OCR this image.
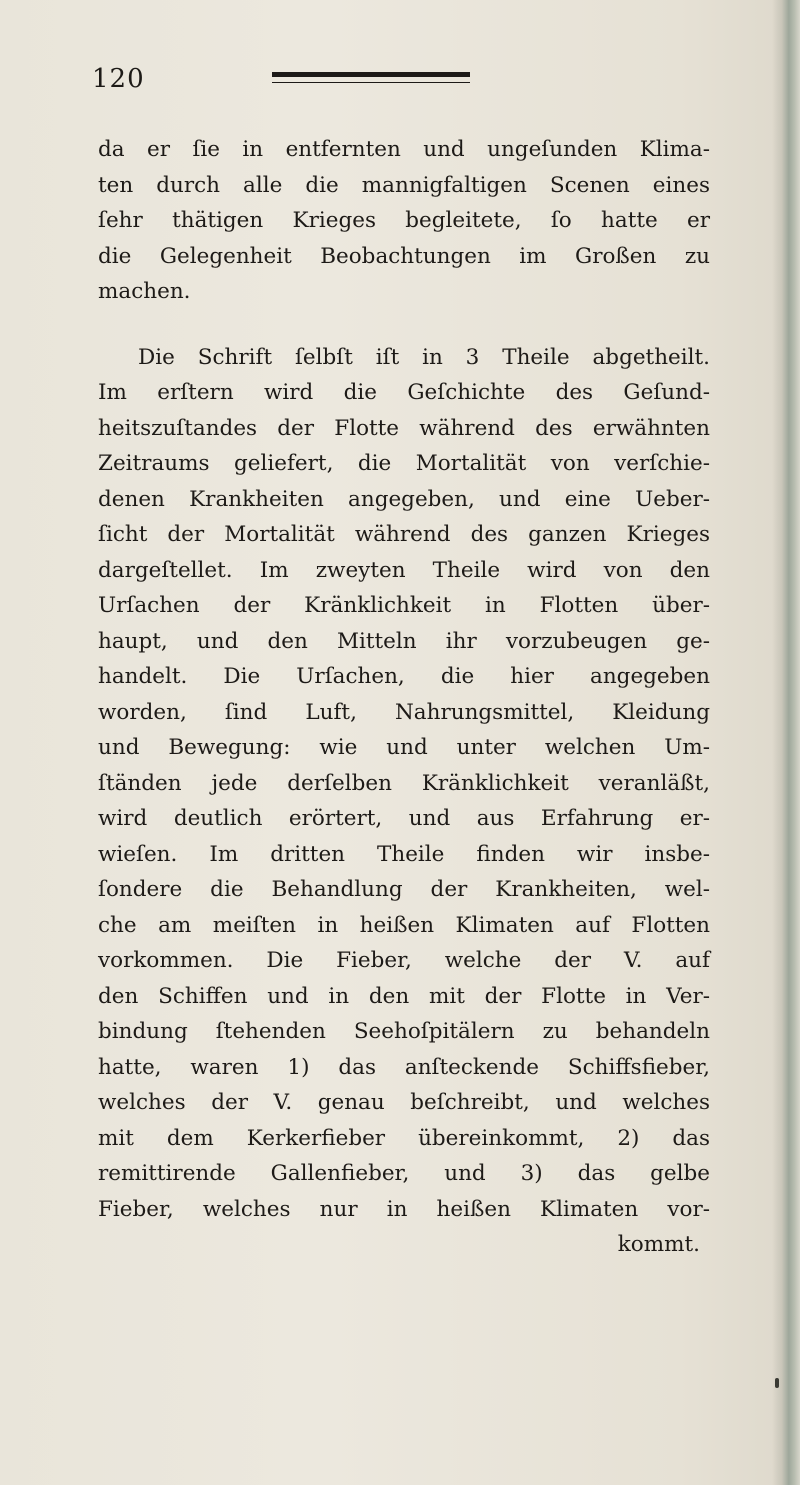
120
da er ſie in entfernten und ungeſunden Klima-
ten durch alle die mannigfaltigen Scenen eines
ſehr thätigen Krieges begleitete, ſo hatte er
die Gelegenheit Beobachtungen im Großen zu
machen.
Die Schrift ſelbſt iſt in 3 Theile abgetheilt.
Im erſtern wird die Geſchichte des Geſund-
heitszuſtandes der Flotte während des erwähnten
Zeitraums geliefert, die Mortalität von verſchie-
denen Krankheiten angegeben, und eine Ueber-
ſicht der Mortalität während des ganzen Krieges
dargeſtellet. Im zweyten Theile wird von den
Urſachen der Kränklichkeit in Flotten über-
haupt, und den Mitteln ihr vorzubeugen ge-
handelt. Die Urſachen, die hier angegeben
worden, ſind Luft, Nahrungsmittel, Kleidung
und Bewegung: wie und unter welchen Um-
ſtänden jede derſelben Kränklichkeit veranläßt,
wird deutlich erörtert, und aus Erfahrung er-
wieſen. Im dritten Theile finden wir insbe-
ſondere die Behandlung der Krankheiten, wel-
che am meiſten in heißen Klimaten auf Flotten
vorkommen. Die Fieber, welche der V. auf
den Schiffen und in den mit der Flotte in Ver-
bindung ſtehenden Seehoſpitälern zu behandeln
hatte, waren 1) das anſteckende Schiffsfieber,
welches der V. genau beſchreibt, und welches
mit dem Kerkerfieber übereinkommt, 2) das
remittirende Gallenfieber, und 3) das gelbe
Fieber, welches nur in heißen Klimaten vor-
kommt.
